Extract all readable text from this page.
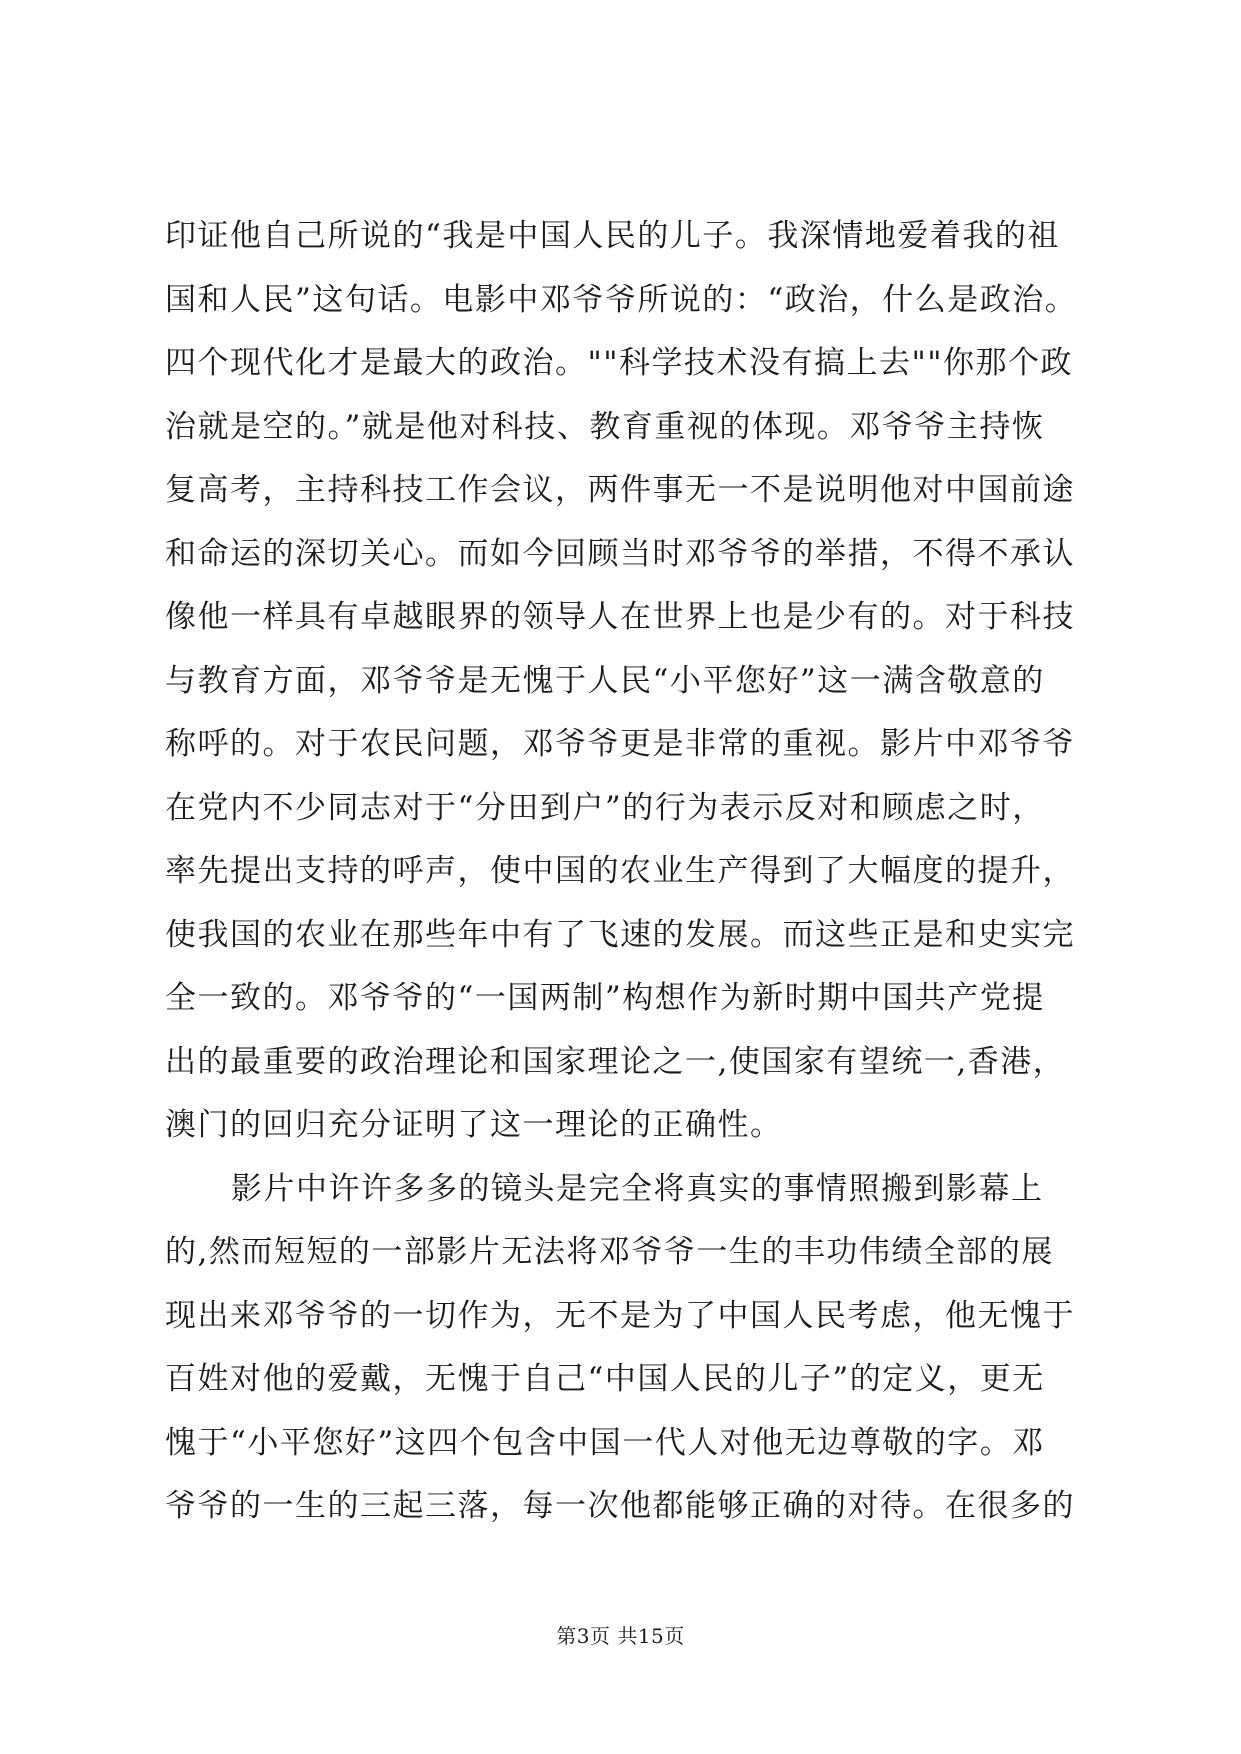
印证他自己所说的“我是中国人民的儿子。我深情地爱着我的祖
国和人民”这句话。电影中邓爷爷所说的：“政治，什么是政治。
四个现代化才是最大的政治。""科学技术没有搞上去""你那个政
治就是空的。”就是他对科技、教育重视的体现。邓爷爷主持恢
复高考，主持科技工作会议，两件事无一不是说明他对中国前途
和命运的深切关心。而如今回顾当时邓爷爷的举措，不得不承认
像他一样具有卓越眼界的领导人在世界上也是少有的。对于科技
与教育方面，邓爷爷是无愧于人民“小平您好”这一满含敬意的
称呼的。对于农民问题，邓爷爷更是非常的重视。影片中邓爷爷
在党内不少同志对于“分田到户”的行为表示反对和顾虑之时，
率先提出支持的呼声，使中国的农业生产得到了大幅度的提升，
使我国的农业在那些年中有了飞速的发展。而这些正是和史实完
全一致的。邓爷爷的“一国两制”构想作为新时期中国共产党提
出的最重要的政治理论和国家理论之一,使国家有望统一,香港，
澳门的回归充分证明了这一理论的正确性。
影片中许许多多的镜头是完全将真实的事情照搬到影幕上
的,然而短短的一部影片无法将邓爷爷一生的丰功伟绩全部的展
现出来邓爷爷的一切作为，无不是为了中国人民考虑，他无愧于
百姓对他的爱戴，无愧于自己“中国人民的儿子”的定义，更无
愧于“小平您好”这四个包含中国一代人对他无边尊敬的字。邓
爷爷的一生的三起三落，每一次他都能够正确的对待。在很多的
第3页 共15页
